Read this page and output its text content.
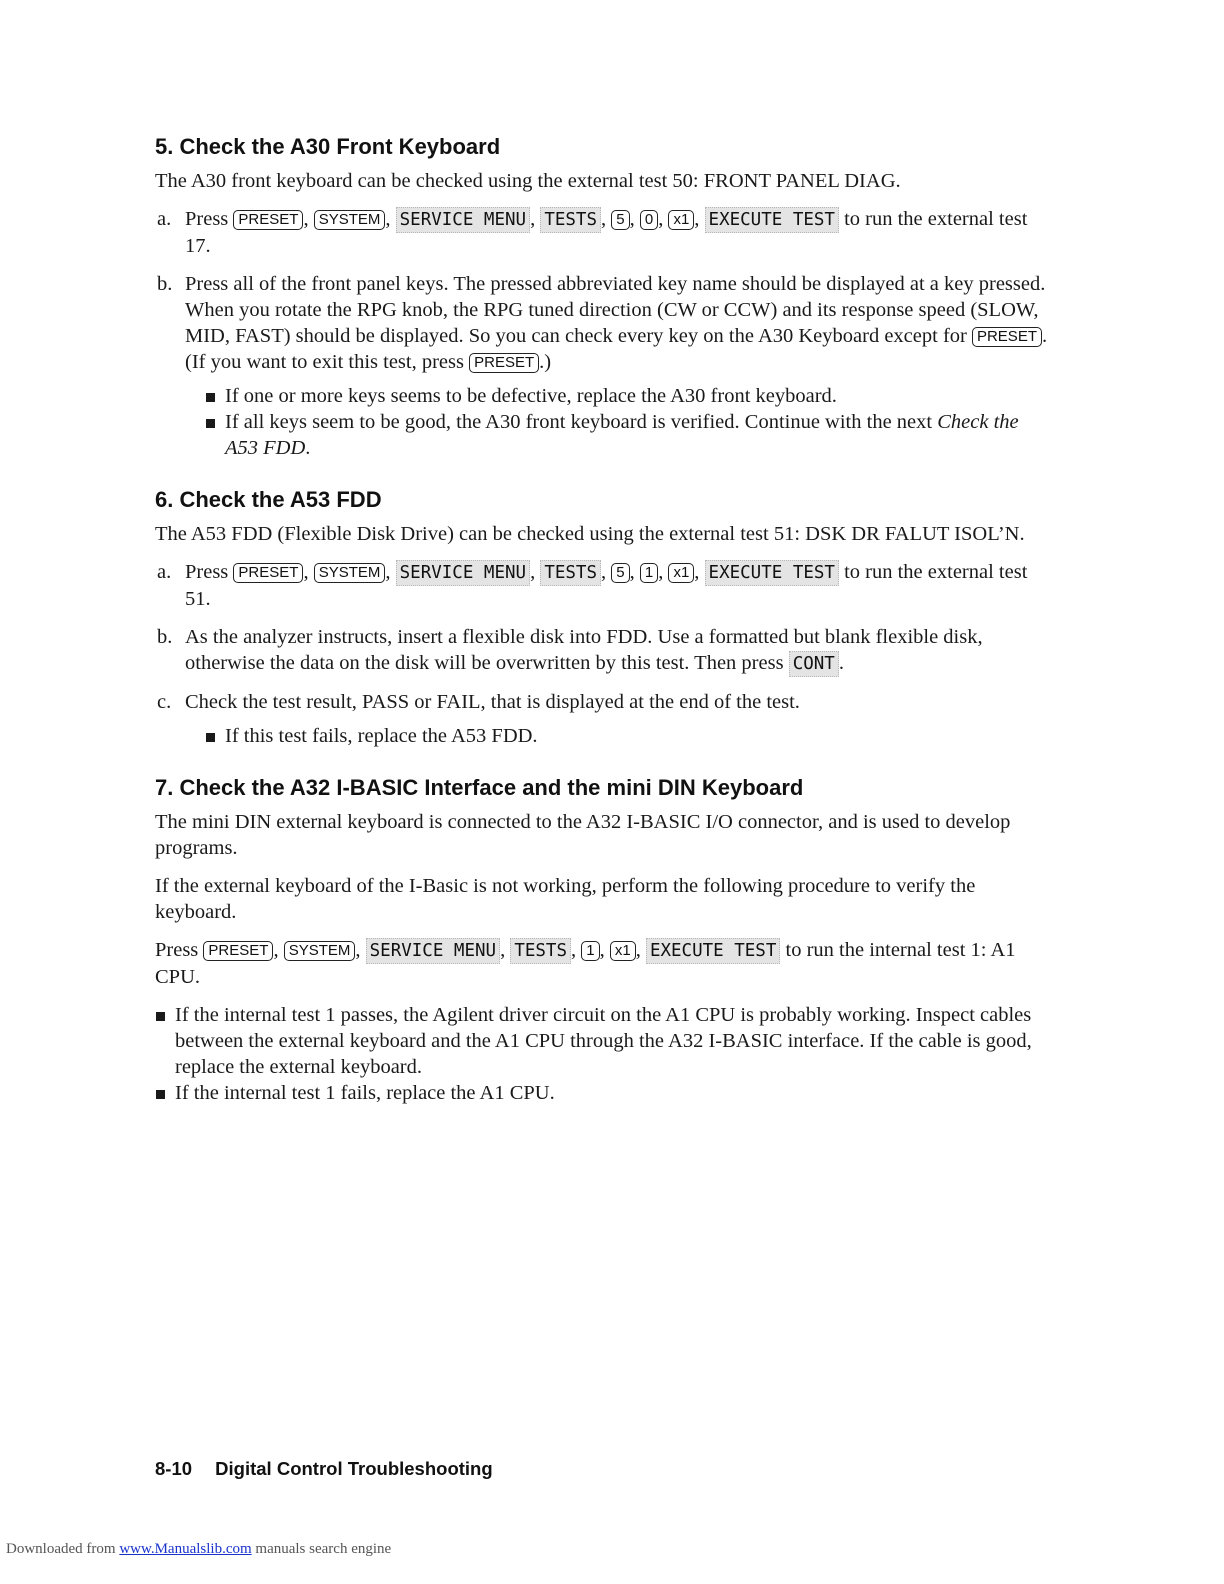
5. Check the A30 Front Keyboard

The A30 front keyboard can be checked using the external test 50: FRONT PANEL DIAG.

a. Press PRESET , SYSTEM , SERVICE MENU , TESTS , 5 , 0 , x1 , EXECUTE TEST to run the external test 17.
b. Press all of the front panel keys. The pressed abbreviated key name should be displayed at a key pressed. When you rotate the RPG knob, the RPG tuned direction (CW or CCW) and its response speed (SLOW, MID, FAST) should be displayed. So you can check every key on the A30 Keyboard except for PRESET . (If you want to exit this test, press PRESET .)
If one or more keys seems to be defective, replace the A30 front keyboard.
If all keys seem to be good, the A30 front keyboard is verified. Continue with the next Check the A53 FDD.
6. Check the A53 FDD

The A53 FDD (Flexible Disk Drive) can be checked using the external test 51: DSK DR FALUT ISOL’N.

a. Press PRESET , SYSTEM , SERVICE MENU , TESTS , 5 , 1 , x1 , EXECUTE TEST to run the external test 51.
b. As the analyzer instructs, insert a flexible disk into FDD. Use a formatted but blank flexible disk, otherwise the data on the disk will be overwritten by this test. Then press CONT .
c. Check the test result, PASS or FAIL, that is displayed at the end of the test.
If this test fails, replace the A53 FDD.
7. Check the A32 I-BASIC Interface and the mini DIN Keyboard

The mini DIN external keyboard is connected to the A32 I-BASIC I/O connector, and is used to develop programs.

If the external keyboard of the I-Basic is not working, perform the following procedure to verify the keyboard.

Press PRESET , SYSTEM , SERVICE MENU , TESTS , 1 , x1 , EXECUTE TEST to run the internal test 1: A1 CPU.

If the internal test 1 passes, the Agilent driver circuit on the A1 CPU is probably working. Inspect cables between the external keyboard and the A1 CPU through the A32 I-BASIC interface. If the cable is good, replace the external keyboard.
If the internal test 1 fails, replace the A1 CPU.
8-10 Digital Control Troubleshooting
Downloaded from www.Manualslib.com manuals search engine
